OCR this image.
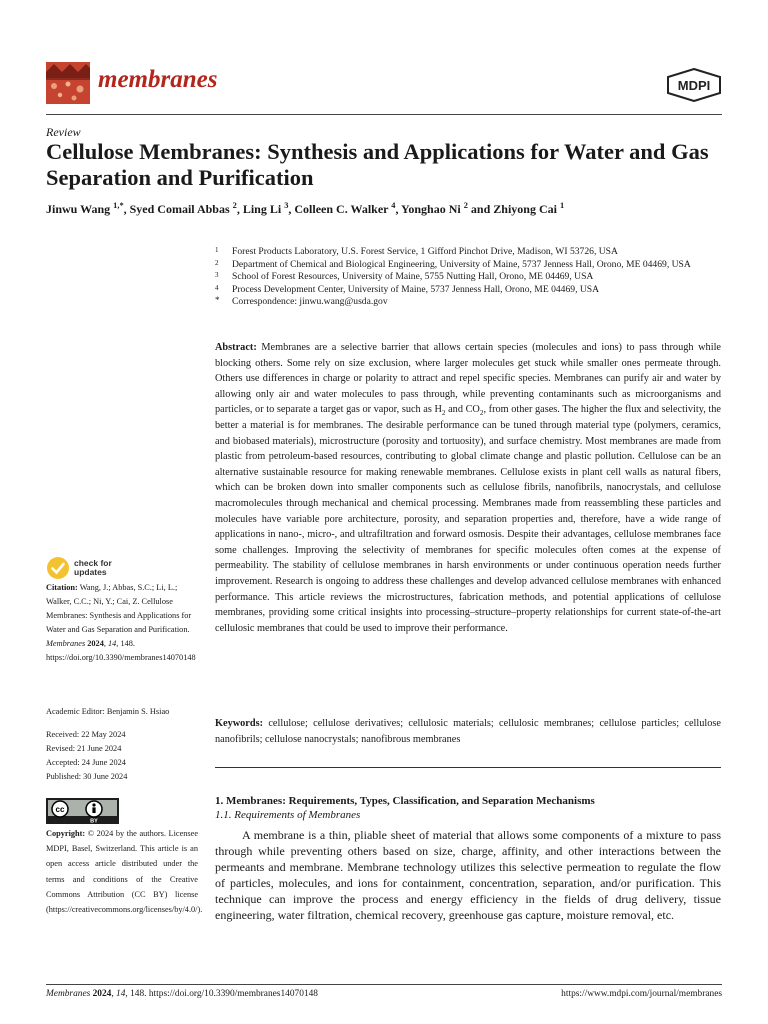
membranes	MDPI
Review
Cellulose Membranes: Synthesis and Applications for Water and Gas Separation and Purification
Jinwu Wang $^{1,*}$, Syed Comail Abbas $^2$, Ling Li $^3$, Colleen C. Walker $^4$, Yonghao Ni $^2$ and Zhiyong Cai $^1$
1	Forest Products Laboratory, U.S. Forest Service, 1 Gifford Pinchot Drive, Madison, WI 53726, USA
2	Department of Chemical and Biological Engineering, University of Maine, 5737 Jenness Hall, Orono, ME 04469, USA
3	School of Forest Resources, University of Maine, 5755 Nutting Hall, Orono, ME 04469, USA
4	Process Development Center, University of Maine, 5737 Jenness Hall, Orono, ME 04469, USA
*	Correspondence: jinwu.wang@usda.gov
Abstract: Membranes are a selective barrier that allows certain species (molecules and ions) to pass through while blocking others. Some rely on size exclusion, where larger molecules get stuck while smaller ones permeate through. Others use differences in charge or polarity to attract and repel specific species. Membranes can purify air and water by allowing only air and water molecules to pass through, while preventing contaminants such as microorganisms and particles, or to separate a target gas or vapor, such as $H_2$ and $CO_2$, from other gases. The higher the flux and selectivity, the better a material is for membranes. The desirable performance can be tuned through material type (polymers, ceramics, and biobased materials), microstructure (porosity and tortuosity), and surface chemistry. Most membranes are made from plastic from petroleum-based resources, contributing to global climate change and plastic pollution. Cellulose can be an alternative sustainable resource for making renewable membranes. Cellulose exists in plant cell walls as natural fibers, which can be broken down into smaller components such as cellulose fibrils, nanofibrils, nanocrystals, and cellulose macromolecules through mechanical and chemical processing. Membranes made from reassembling these particles and molecules have variable pore architecture, porosity, and separation properties and, therefore, have a wide range of applications in nano-, micro-, and ultrafiltration and forward osmosis. Despite their advantages, cellulose membranes face some challenges. Improving the selectivity of membranes for specific molecules often comes at the expense of permeability. The stability of cellulose membranes in harsh environments or under continuous operation needs further improvement. Research is ongoing to address these challenges and develop advanced cellulose membranes with enhanced performance. This article reviews the microstructures, fabrication methods, and potential applications of cellulose membranes, providing some critical insights into processing–structure–property relationships for current state-of-the-art cellulosic membranes that could be used to improve their performance.
Keywords: cellulose; cellulose derivatives; cellulosic materials; cellulosic membranes; cellulose particles; cellulose nanofibrils; cellulose nanocrystals; nanofibrous membranes
1. Membranes: Requirements, Types, Classification, and Separation Mechanisms
1.1. Requirements of Membranes
A membrane is a thin, pliable sheet of material that allows some components of a mixture to pass through while preventing others based on size, charge, affinity, and other interactions between the permeants and membrane. Membrane technology utilizes this selective permeation to regulate the flow of particles, molecules, and ions for containment, concentration, separation, and/or purification. This technique can improve the process and energy efficiency in the fields of drug delivery, tissue engineering, water filtration, chemical recovery, greenhouse gas capture, moisture removal, etc.
check for
updates
Citation: Wang, J.; Abbas, S.C.; Li, L.; Walker, C.C.; Ni, Y.; Cai, Z. Cellulose Membranes: Synthesis and Applications for Water and Gas Separation and Purification. Membranes 2024, 14, 148. https://doi.org/10.3390/membranes14070148
Academic Editor: Benjamin S. Hsiao
Received: 22 May 2024
Revised: 21 June 2024
Accepted: 24 June 2024
Published: 30 June 2024
cc
BY
Copyright: © 2024 by the authors. Licensee MDPI, Basel, Switzerland. This article is an open access article distributed under the terms and conditions of the Creative Commons Attribution (CC BY) license (https://creativecommons.org/licenses/by/4.0/).
Membranes 2024, 14, 148. https://doi.org/10.3390/membranes14070148	https://www.mdpi.com/journal/membranes
